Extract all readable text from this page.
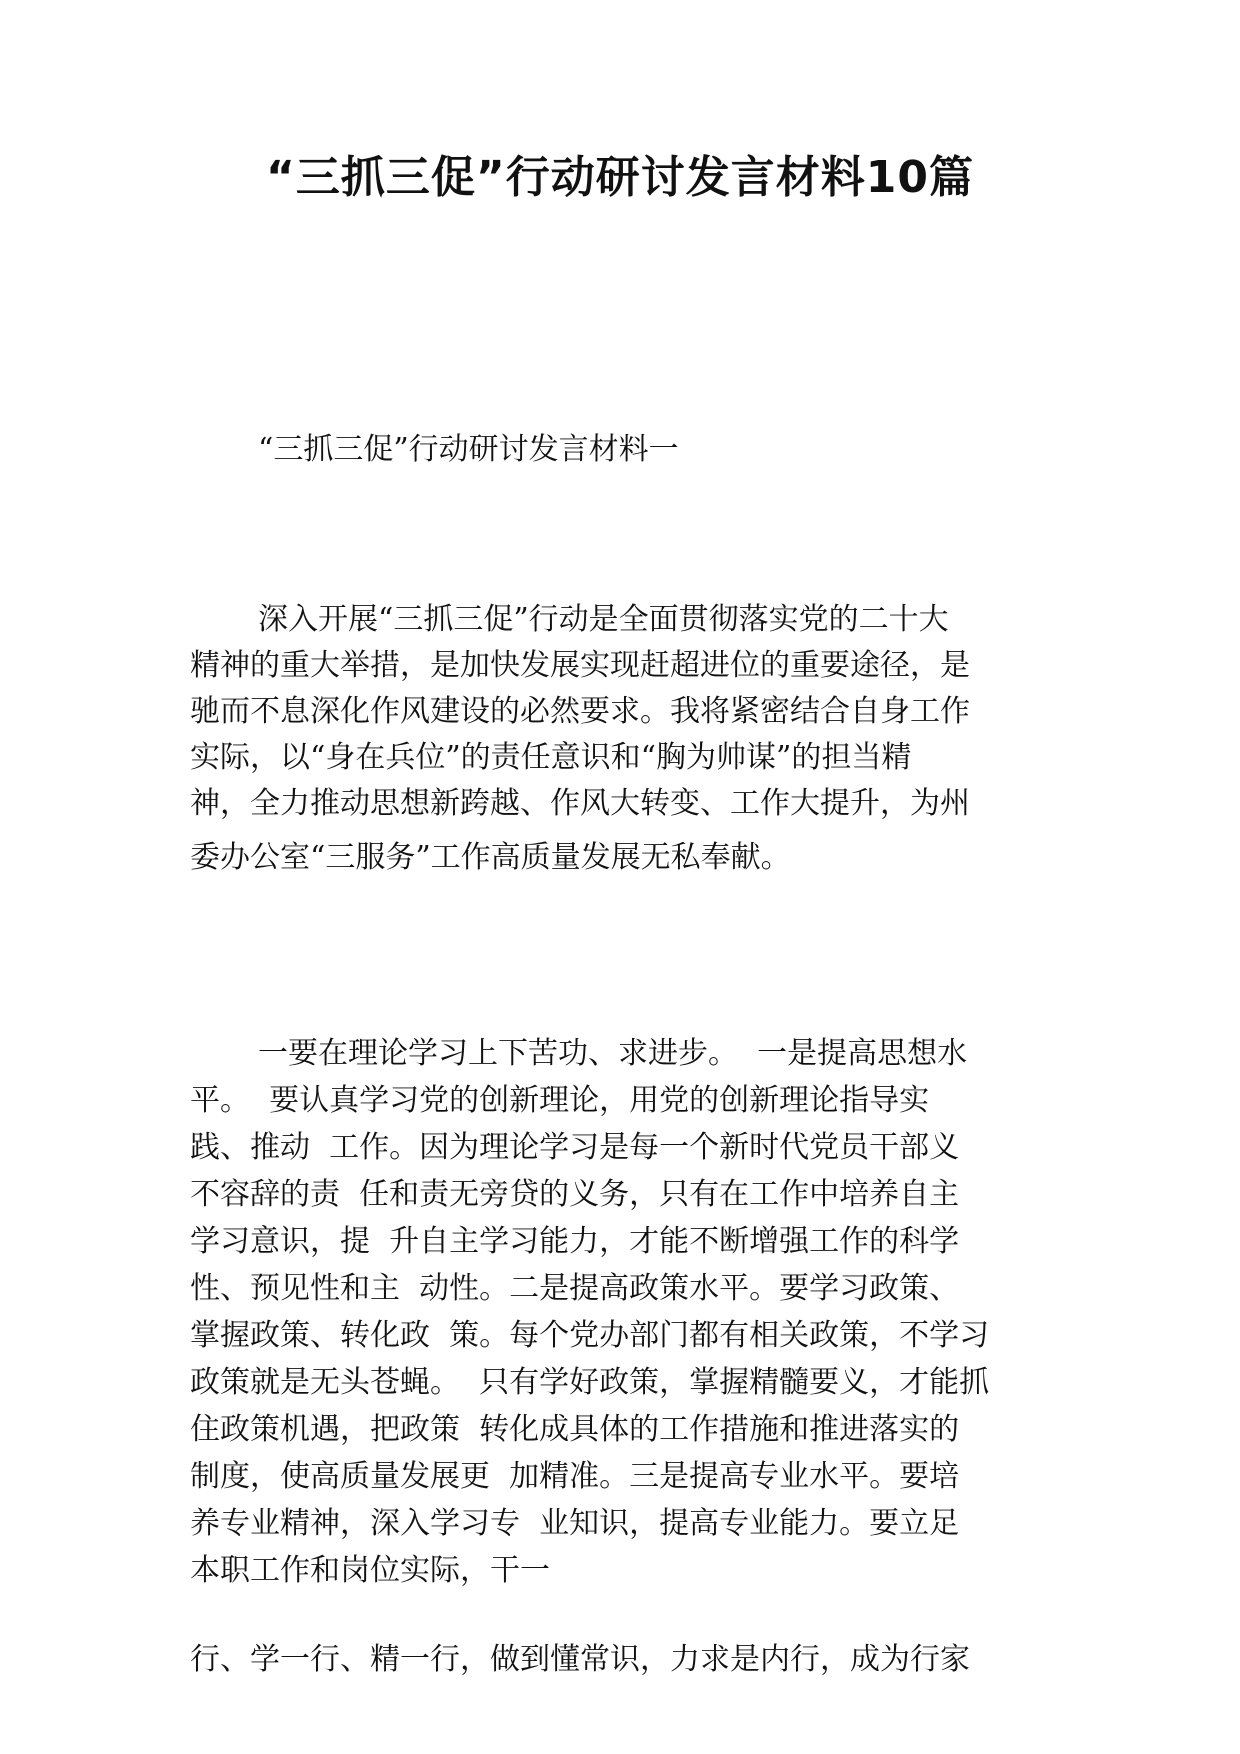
“三抓三促”行动研讨发言材料10篇
“三抓三促”行动研讨发言材料一
深入开展“三抓三促”行动是全面贯彻落实党的二十大
精神的重大举措，是加快发展实现赶超进位的重要途径，是
驰而不息深化作风建设的必然要求。我将紧密结合自身工作
实际，以“身在兵位”的责任意识和“胸为帅谋”的担当精
神，全力推动思想新跨越、作风大转变、工作大提升，为州
委办公室“三服务”工作高质量发展无私奉献。
一要在理论学习上下苦功、求进步。  一是提高思想水
平。  要认真学习党的创新理论，用党的创新理论指导实
践、推动  工作。因为理论学习是每一个新时代党员干部义
不容辞的责  任和责无旁贷的义务，只有在工作中培养自主
学习意识，提  升自主学习能力，才能不断增强工作的科学
性、预见性和主  动性。二是提高政策水平。要学习政策、
掌握政策、转化政  策。每个党办部门都有相关政策，不学习
政策就是无头苍蝇。  只有学好政策，掌握精髓要义，才能抓
住政策机遇，把政策  转化成具体的工作措施和推进落实的
制度，使高质量发展更  加精准。三是提高专业水平。要培
养专业精神，深入学习专  业知识，提高专业能力。要立足
本职工作和岗位实际，干一
行、学一行、精一行，做到懂常识，力求是内行，成为行家
